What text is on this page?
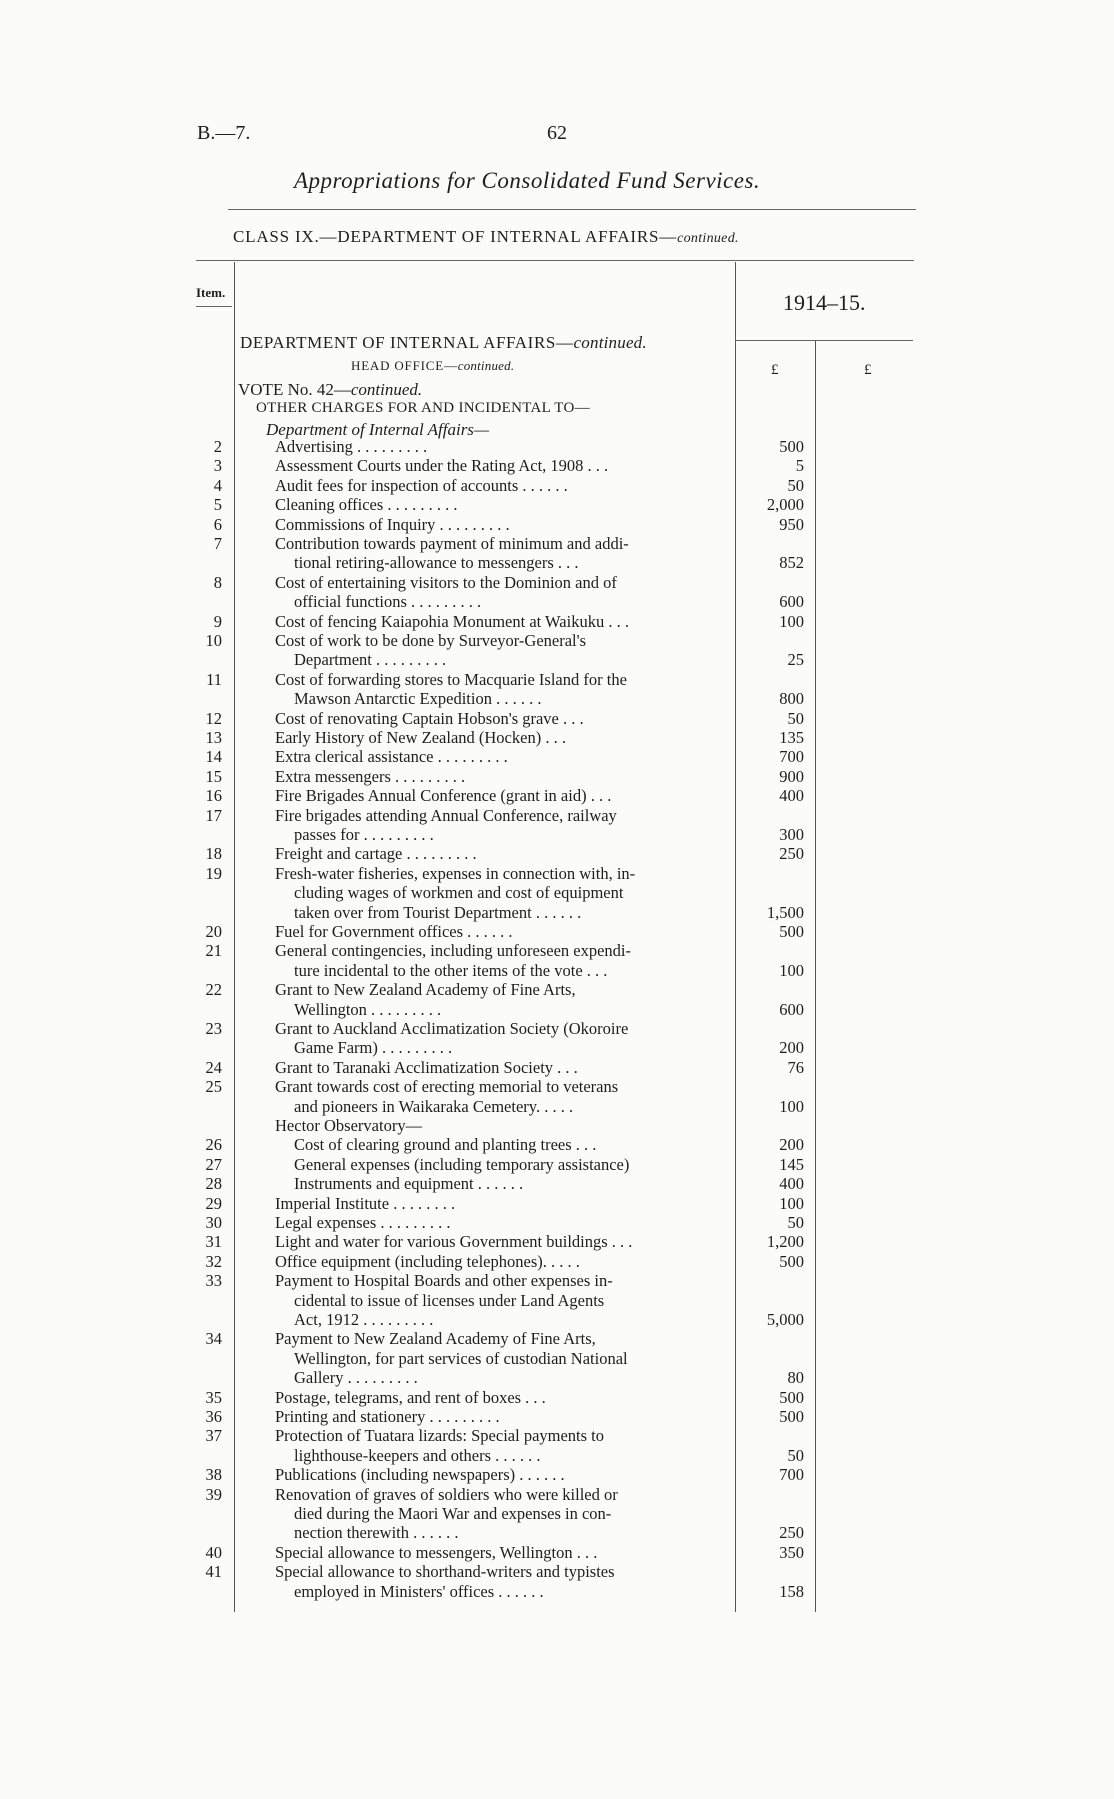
B.—7.	62
Appropriations for Consolidated Fund Services.
CLASS IX.—DEPARTMENT OF INTERNAL AFFAIRS—continued.
Item.	1914–15.
DEPARTMENT OF INTERNAL AFFAIRS—continued.
HEAD OFFICE—continued.	£	£
VOTE No. 42—continued.
OTHER CHARGES FOR AND INCIDENTAL TO—
Department of Internal Affairs—
2	Advertising . . . . . . . . .	500
3	Assessment Courts under the Rating Act, 1908 . . .	5
4	Audit fees for inspection of accounts . . . . . .	50
5	Cleaning offices . . . . . . . . .	2,000
6	Commissions of Inquiry . . . . . . . . .	950
7	Contribution towards payment of minimum and addi-
tional retiring-allowance to messengers . . .	852
8	Cost of entertaining visitors to the Dominion and of
official functions . . . . . . . . .	600
9	Cost of fencing Kaiapohia Monument at Waikuku . . .	100
10	Cost of work to be done by Surveyor-General's
Department . . . . . . . . .	25
11	Cost of forwarding stores to Macquarie Island for the
Mawson Antarctic Expedition . . . . . .	800
12	Cost of renovating Captain Hobson's grave . . .	50
13	Early History of New Zealand (Hocken) . . .	135
14	Extra clerical assistance . . . . . . . . .	700
15	Extra messengers . . . . . . . . .	900
16	Fire Brigades Annual Conference (grant in aid) . . .	400
17	Fire brigades attending Annual Conference, railway
passes for . . . . . . . . .	300
18	Freight and cartage . . . . . . . . .	250
19	Fresh-water fisheries, expenses in connection with, in-
cluding wages of workmen and cost of equipment
taken over from Tourist Department . . . . . .	1,500
20	Fuel for Government offices . . . . . .	500
21	General contingencies, including unforeseen expendi-
ture incidental to the other items of the vote . . .	100
22	Grant to New Zealand Academy of Fine Arts,
Wellington . . . . . . . . .	600
23	Grant to Auckland Acclimatization Society (Okoroire
Game Farm) . . . . . . . . .	200
24	Grant to Taranaki Acclimatization Society . . .	76
25	Grant towards cost of erecting memorial to veterans
and pioneers in Waikaraka Cemetery. . . . .	100
Hector Observatory—
26	Cost of clearing ground and planting trees . . .	200
27	General expenses (including temporary assistance)	145
28	Instruments and equipment . . . . . .	400
29	Imperial Institute . . . . . . . .	100
30	Legal expenses . . . . . . . . .	50
31	Light and water for various Government buildings . . .	1,200
32	Office equipment (including telephones). . . . .	500
33	Payment to Hospital Boards and other expenses in-
cidental to issue of licenses under Land Agents
Act, 1912 . . . . . . . . .	5,000
34	Payment to New Zealand Academy of Fine Arts,
Wellington, for part services of custodian National
Gallery . . . . . . . . .	80
35	Postage, telegrams, and rent of boxes . . .	500
36	Printing and stationery . . . . . . . . .	500
37	Protection of Tuatara lizards: Special payments to
lighthouse-keepers and others . . . . . .	50
38	Publications (including newspapers) . . . . . .	700
39	Renovation of graves of soldiers who were killed or
died during the Maori War and expenses in con-
nection therewith . . . . . .	250
40	Special allowance to messengers, Wellington . . .	350
41	Special allowance to shorthand-writers and typistes
employed in Ministers' offices . . . . . .	158
